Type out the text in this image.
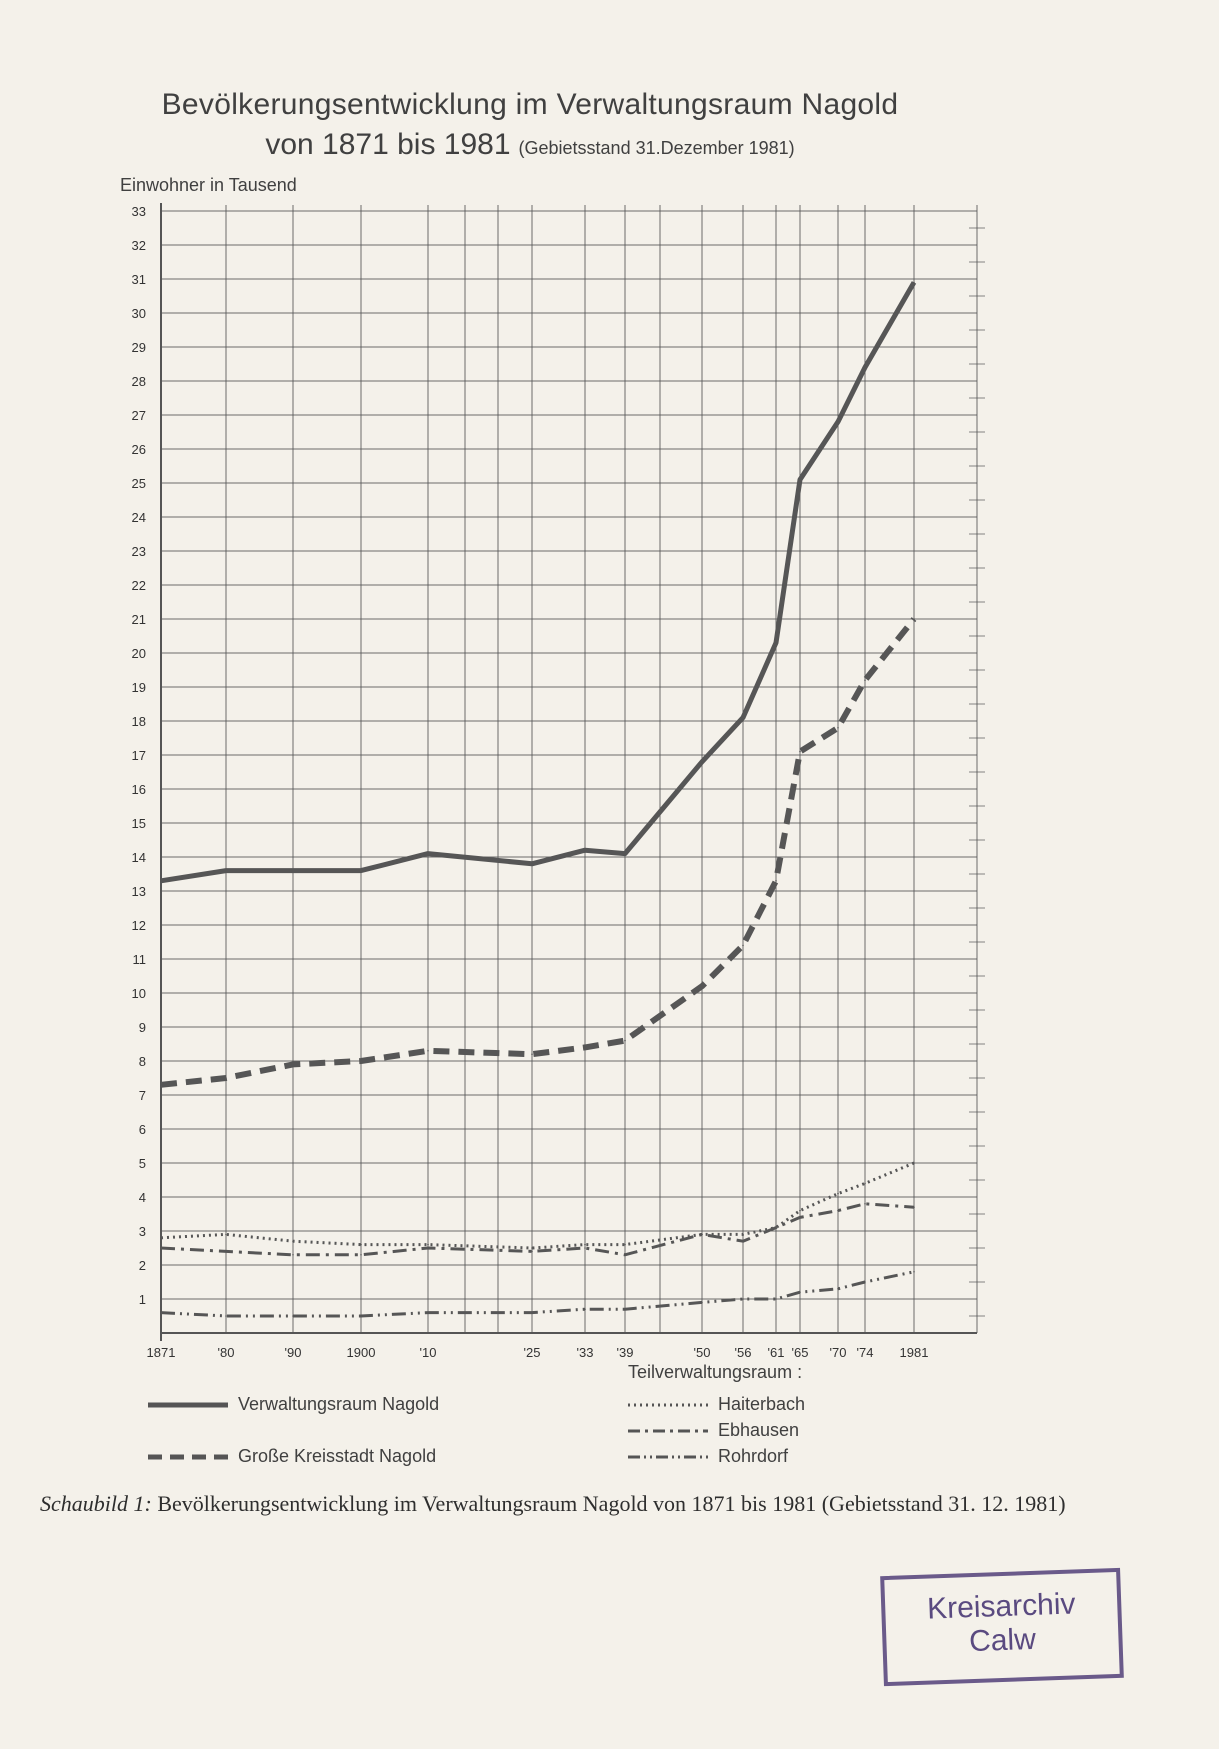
Bevölkerungsentwicklung im Verwaltungsraum Nagold
von 1871 bis 1981 (Gebietsstand 31.Dezember 1981)
Einwohner in Tausend
1
2
3
4
5
6
7
8
9
10
11
12
13
14
15
16
17
18
19
20
21
22
23
24
25
26
27
28
29
30
31
32
33
1871	'80	'90	1900	'10	'25	'33 '39	'50 '56 '61 '65 '70 '74 1981
Teilverwaltungsraum :
Verwaltungsraum Nagold
Große Kreisstadt Nagold
Haiterbach
Ebhausen
Rohrdorf
Schaubild 1: Bevölkerungsentwicklung im Verwaltungsraum Nagold von 1871 bis 1981 (Gebietsstand 31. 12. 1981)
Kreisarchiv
Calw
